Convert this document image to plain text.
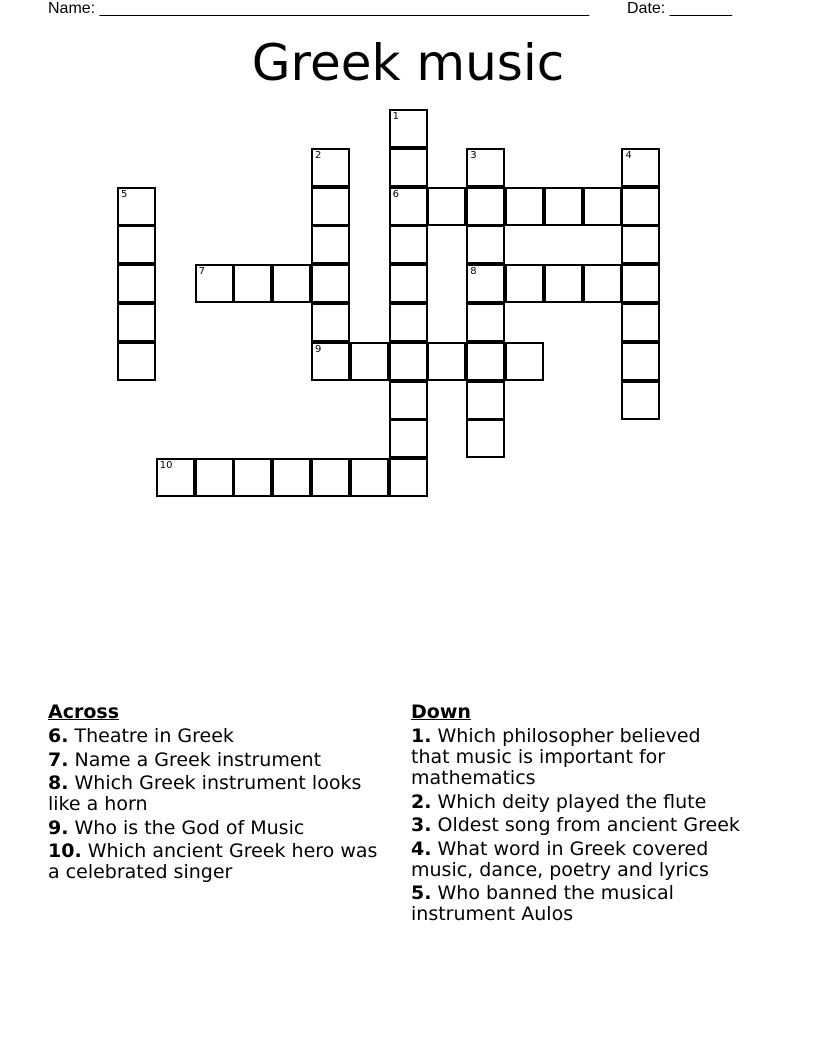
Name: _______________________________________________________ Date: _______
Greek music
1
6
2
9
3
8
4
5
7
10
Across
6. Theatre in Greek
7. Name a Greek instrument
8. Which Greek instrument looks like a horn
9. Who is the God of Music
10. Which ancient Greek hero was a celebrated singer
Down
1. Which philosopher believed that music is important for mathematics
2. Which deity played the flute
3. Oldest song from ancient Greek
4. What word in Greek covered music, dance, poetry and lyrics
5. Who banned the musical instrument Aulos
